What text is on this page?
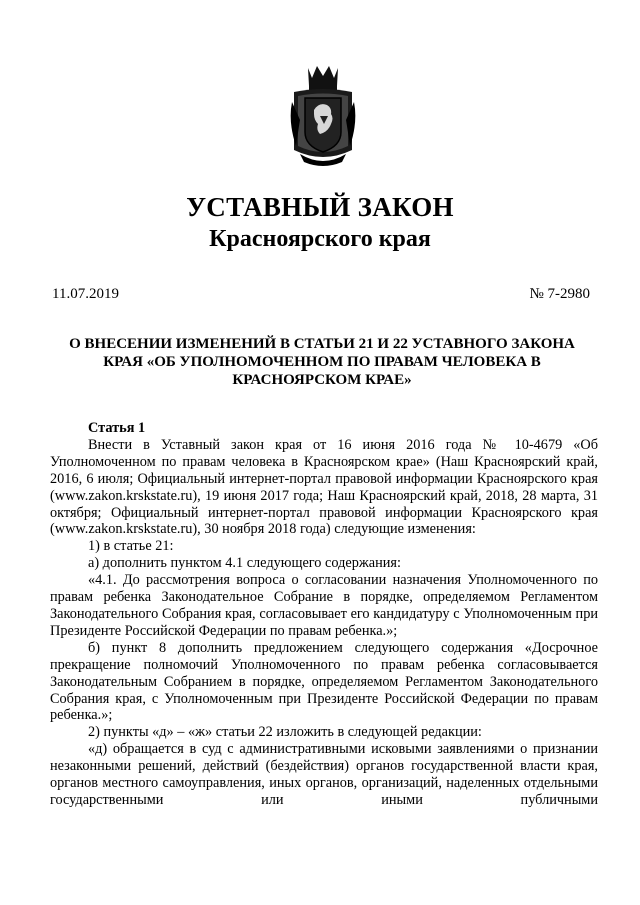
УСТАВНЫЙ ЗАКОН
Красноярского края
11.07.2019	№ 7-2980
О ВНЕСЕНИИ ИЗМЕНЕНИЙ В СТАТЬИ 21 И 22 УСТАВНОГО ЗАКОНА
КРАЯ «ОБ УПОЛНОМОЧЕННОМ ПО ПРАВАМ ЧЕЛОВЕКА В
КРАСНОЯРСКОМ КРАЕ»
Статья 1

Внести в Уставный закон края от 16 июня 2016 года № 10-4679 «Об Уполномоченном по правам человека в Красноярском крае» (Наш Красноярский край, 2016, 6 июля; Официальный интернет-портал правовой информации Красноярского края (www.zakon.krskstate.ru), 19 июня 2017 года; Наш Красноярский край, 2018, 28 марта, 31 октября; Официальный интернет-портал правовой информации Красноярского края (www.zakon.krskstate.ru), 30 ноября 2018 года) следующие изменения:

1) в статье 21:

а) дополнить пунктом 4.1 следующего содержания:

«4.1. До рассмотрения вопроса о согласовании назначения Уполномоченного по правам ребенка Законодательное Собрание в порядке, определяемом Регламентом Законодательного Собрания края, согласовывает его кандидатуру с Уполномоченным при Президенте Российской Федерации по правам ребенка.»;

б) пункт 8 дополнить предложением следующего содержания «Досрочное прекращение полномочий Уполномоченного по правам ребенка согласовывается Законодательным Собранием в порядке, определяемом Регламентом Законодательного Собрания края, с Уполномоченным при Президенте Российской Федерации по правам ребенка.»;

2) пункты «д» – «ж» статьи 22 изложить в следующей редакции:

«д) обращается в суд с административными исковыми заявлениями о признании незаконными решений, действий (бездействия) органов государственной власти края, органов местного самоуправления, иных органов, организаций, наделенных отдельными государственными или иными публичными
